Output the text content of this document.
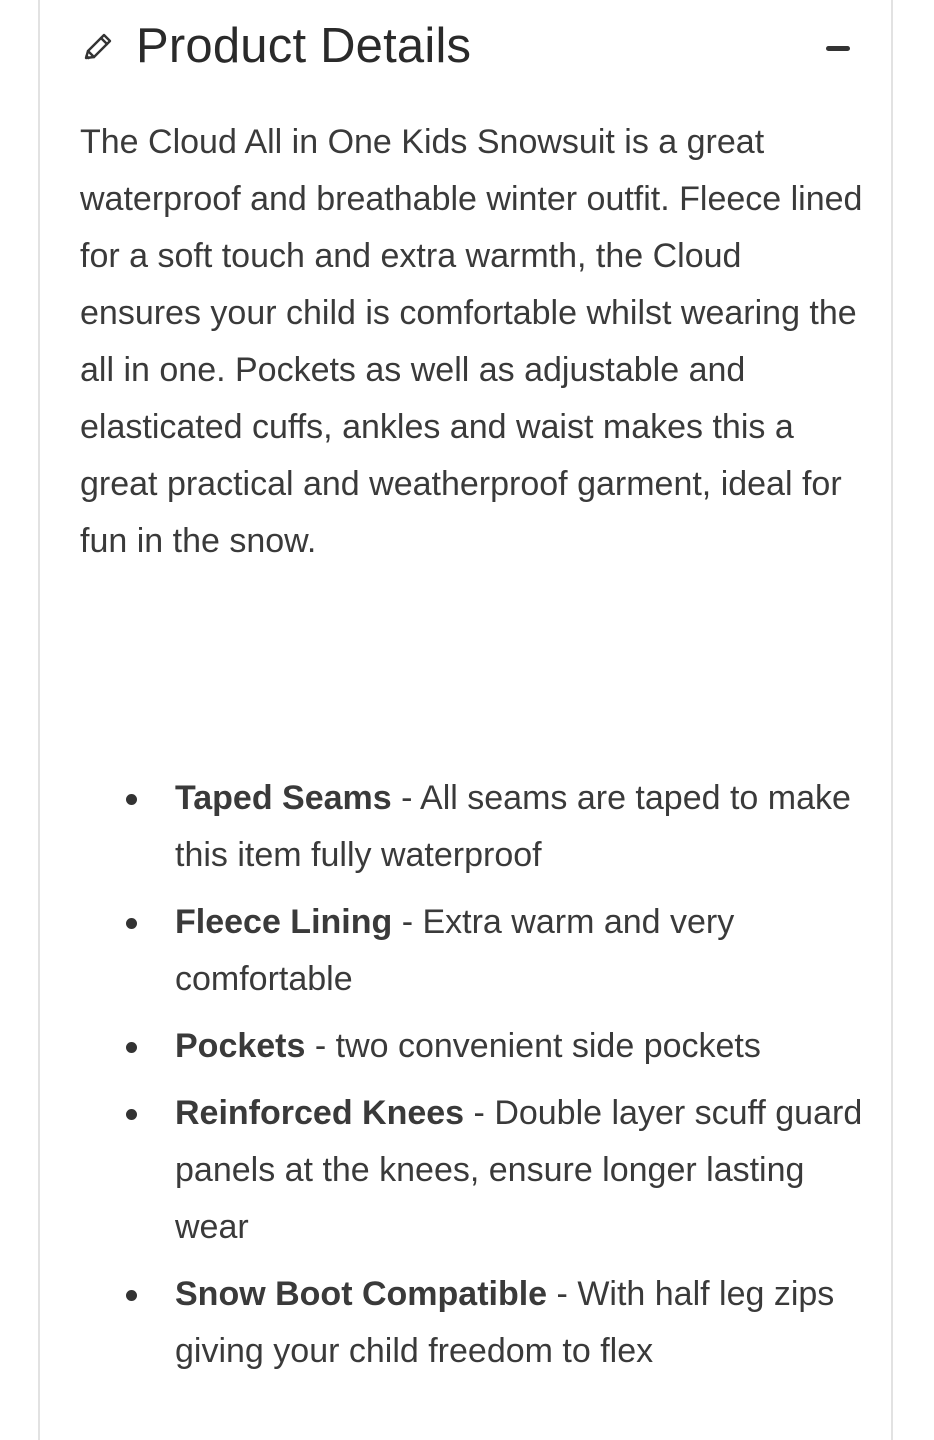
Product Details

The Cloud All in One Kids Snowsuit is a great waterproof and breathable winter outfit. Fleece lined for a soft touch and extra warmth, the Cloud ensures your child is comfortable whilst wearing the all in one. Pockets as well as adjustable and elasticated cuffs, ankles and waist makes this a great practical and weatherproof garment, ideal for fun in the snow.

Taped Seams - All seams are taped to make this item fully waterproof
Fleece Lining - Extra warm and very comfortable
Pockets - two convenient side pockets
Reinforced Knees - Double layer scuff guard panels at the knees, ensure longer lasting wear
Snow Boot Compatible - With half leg zips giving your child freedom to flex
